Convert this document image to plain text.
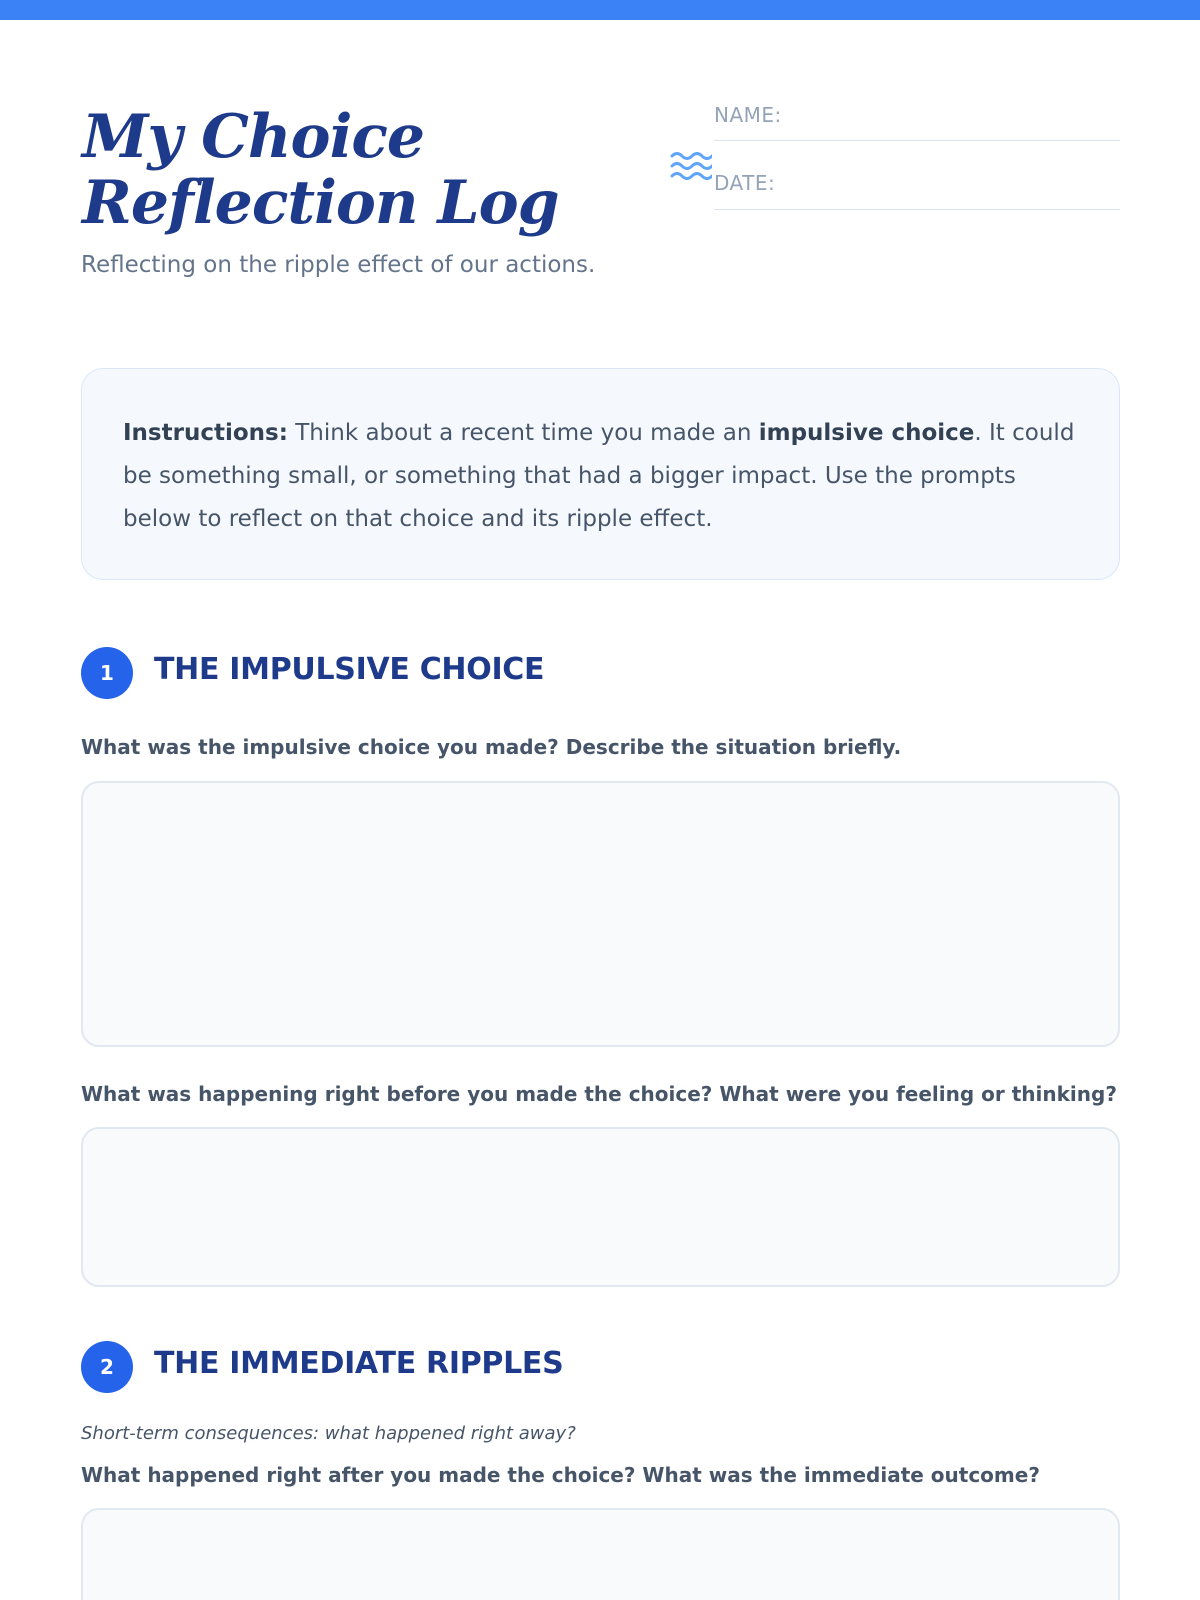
My Choice
Reflection Log
Reflecting on the ripple effect of our actions.
NAME:
DATE:
Instructions: Think about a recent time you made an impulsive choice. It could be something small, or something that had a bigger impact. Use the prompts below to reflect on that choice and its ripple effect.
1	THE IMPULSIVE CHOICE
What was the impulsive choice you made? Describe the situation briefly.
What was happening right before you made the choice? What were you feeling or thinking?
2	THE IMMEDIATE RIPPLES
Short-term consequences: what happened right away?
What happened right after you made the choice? What was the immediate outcome?
